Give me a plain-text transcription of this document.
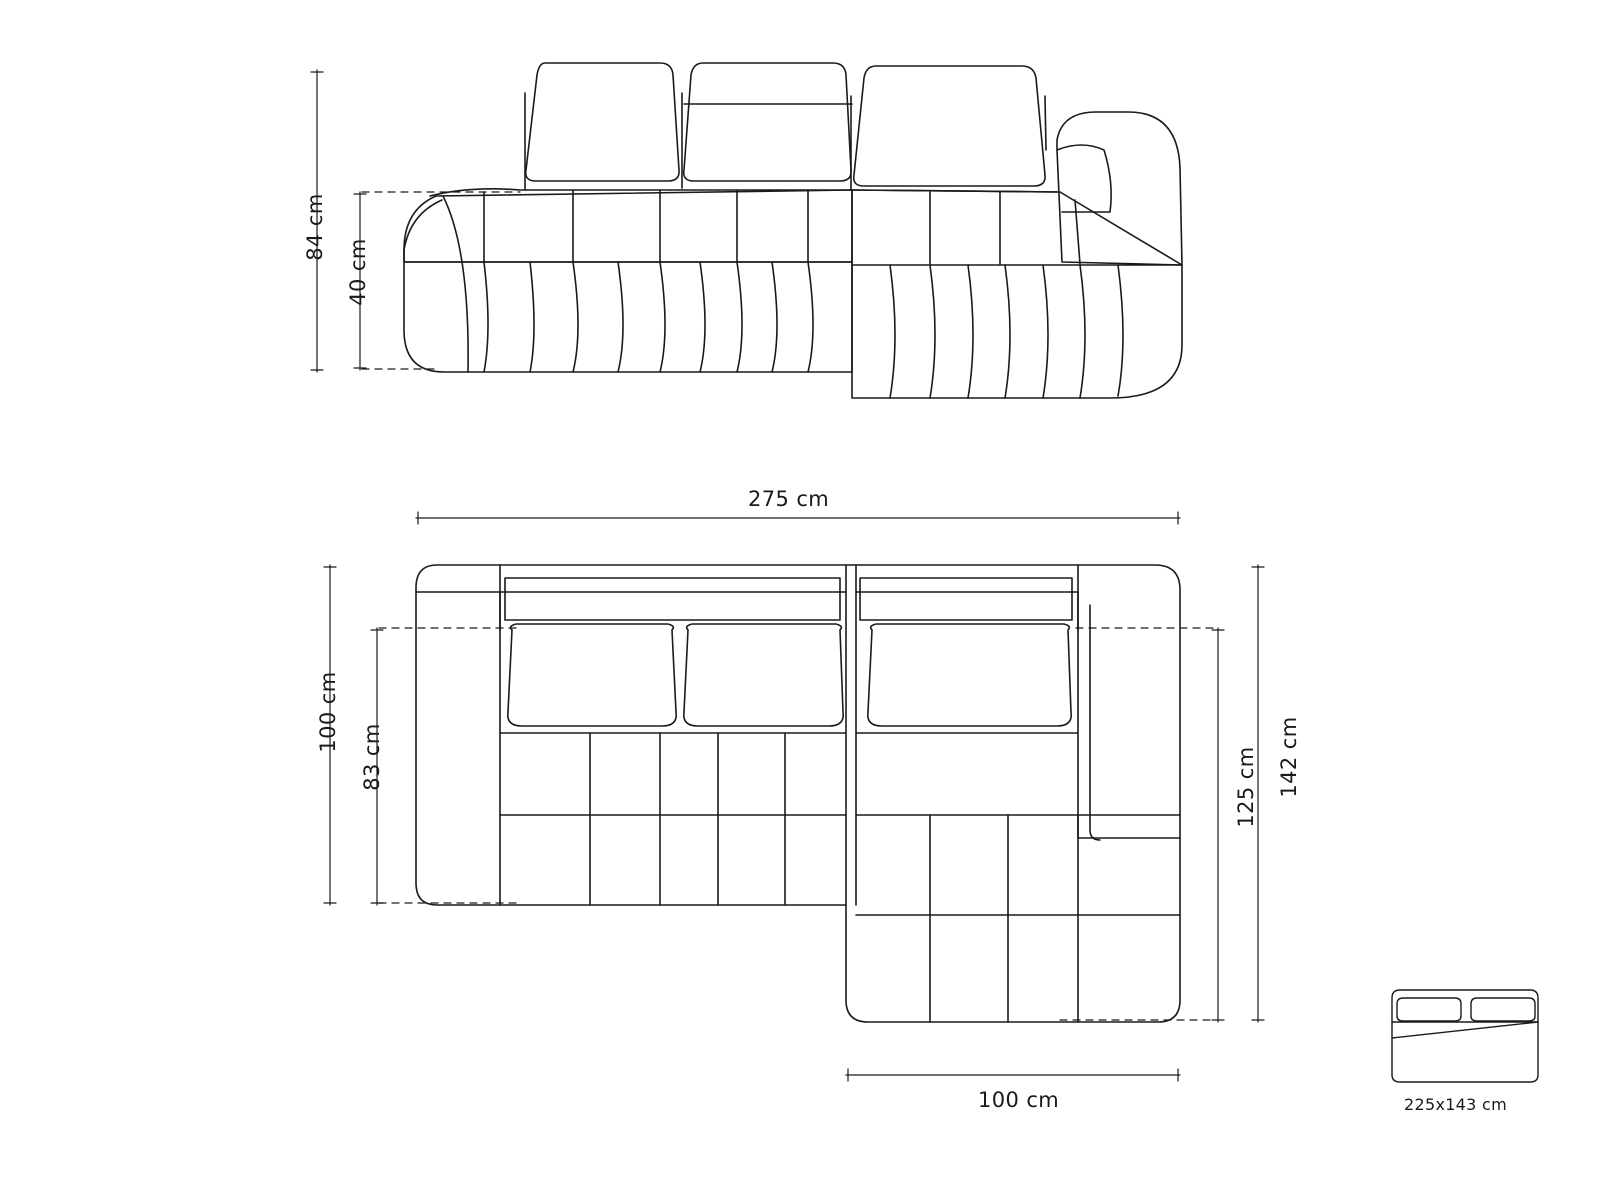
84 cm
40 cm
275 cm
100 cm
83 cm	142 cm
125 cm
100 cm	225x143 cm
